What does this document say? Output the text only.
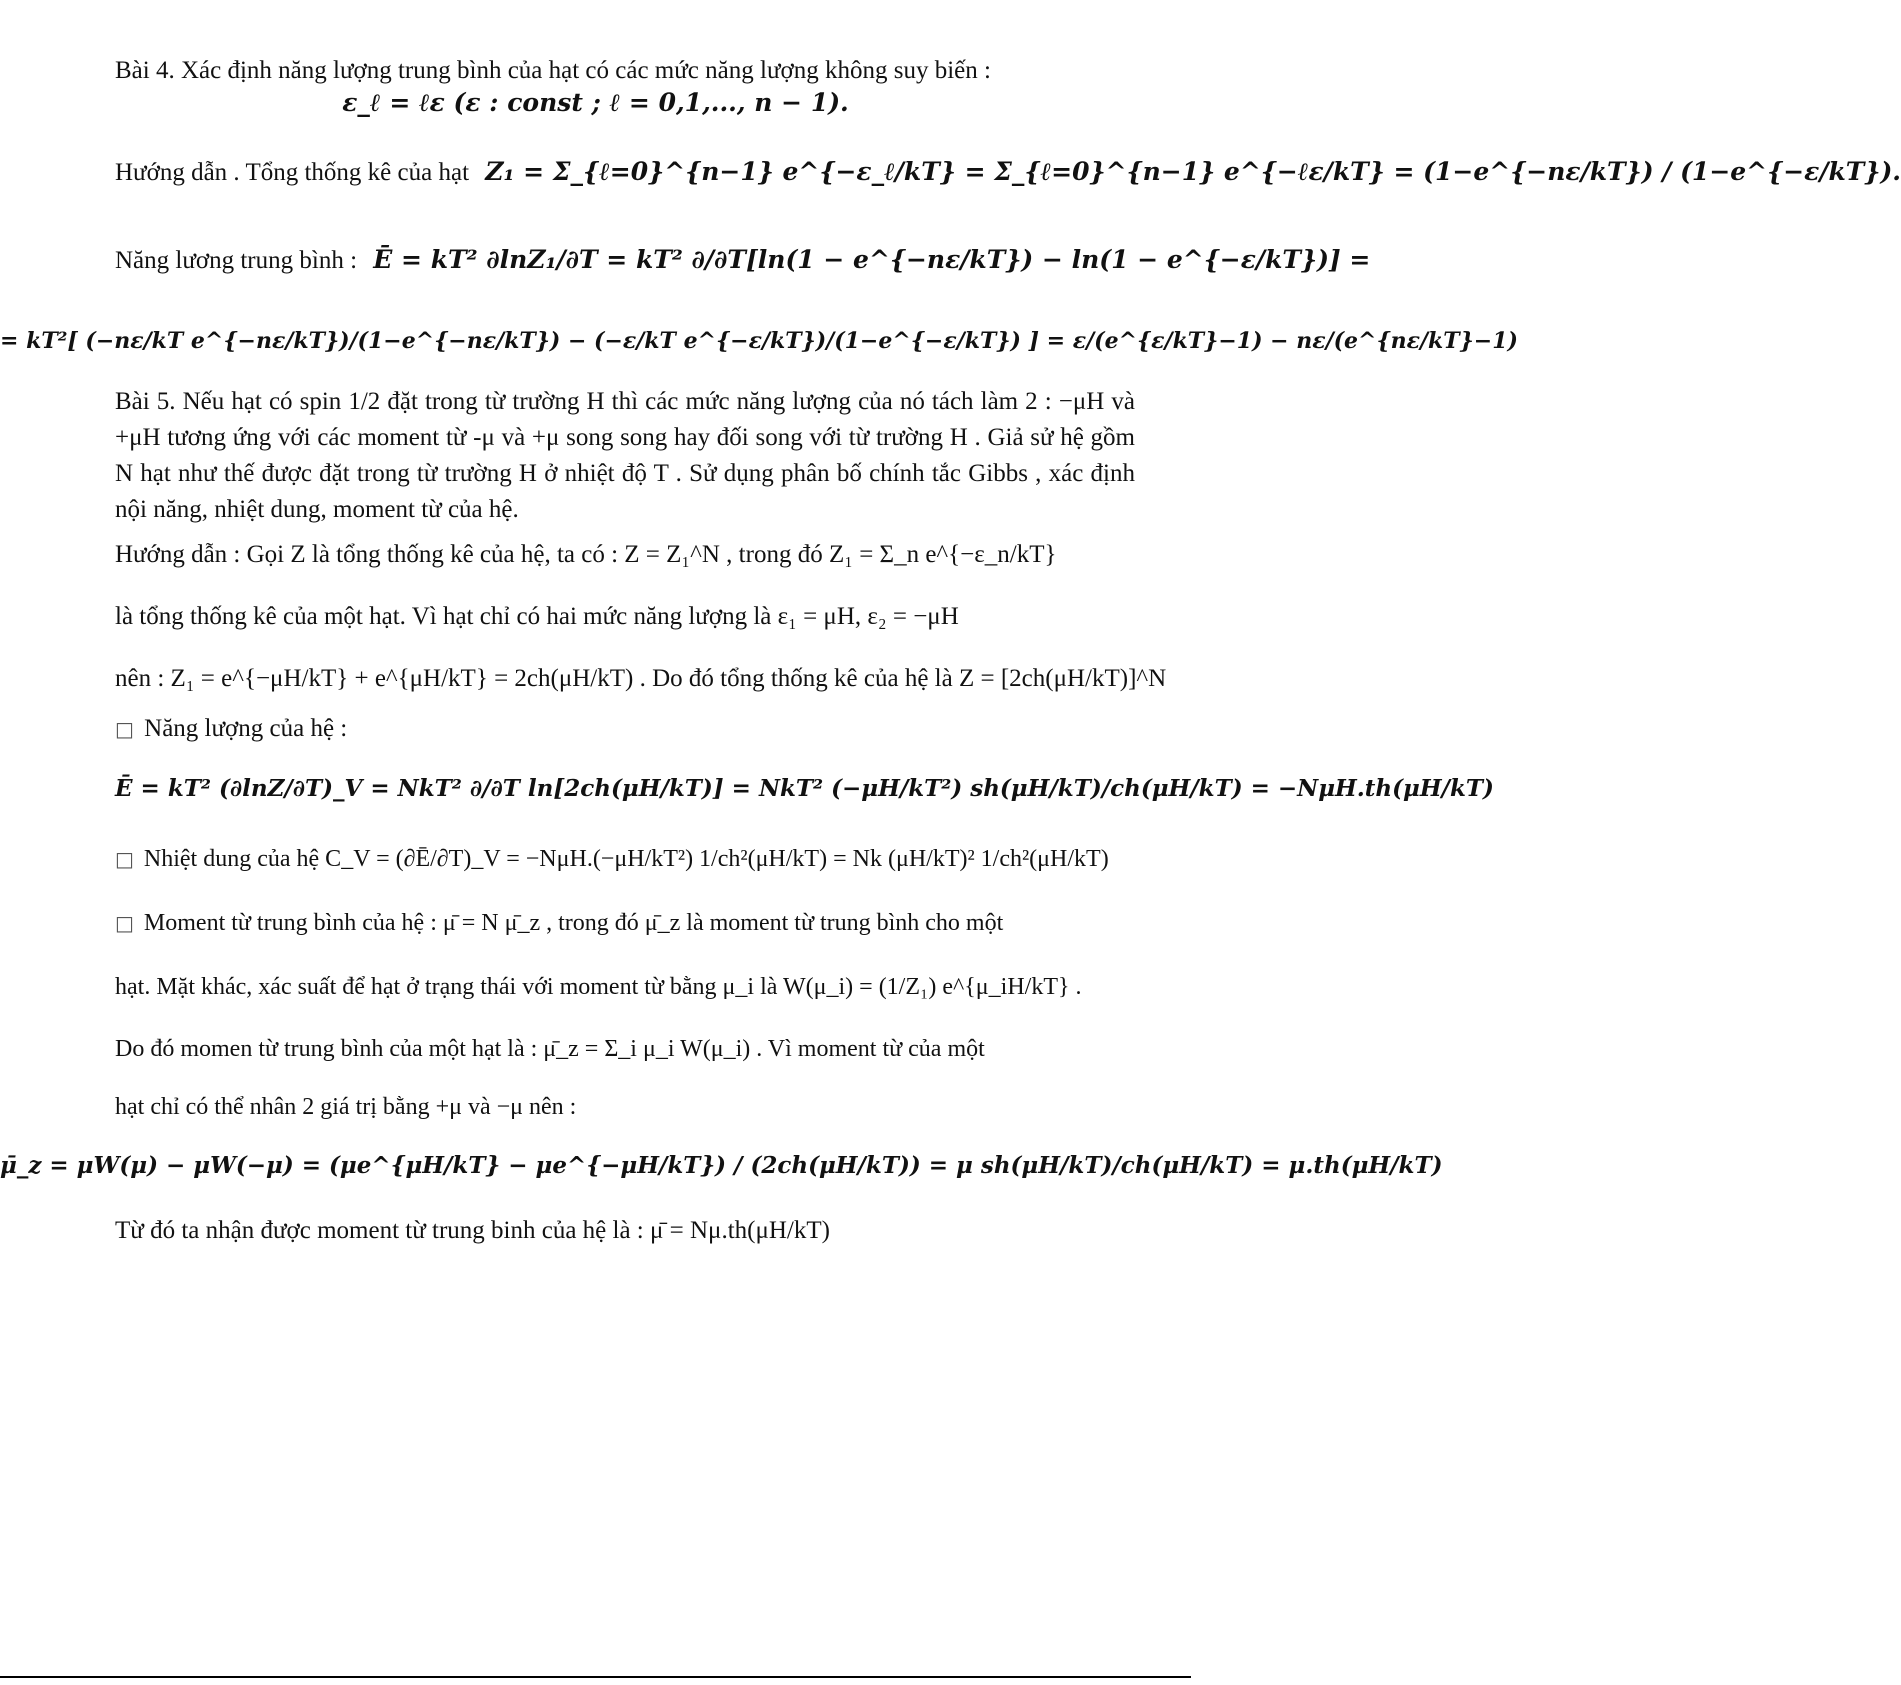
Bài 4. Xác định năng lượng trung bình của hạt có các mức năng lượng không suy biến :
ε_ℓ = ℓε (ε : const ; ℓ = 0,1,..., n − 1).
Hướng dẫn . Tổng thống kê của hạt Z₁ = Σ_{ℓ=0}^{n−1} e^{−ε_ℓ/kT} = Σ_{ℓ=0}^{n−1} e^{−ℓε/kT} = (1−e^{−nε/kT}) / (1−e^{−ε/kT}).
Năng lương trung bình : Ē = kT² ∂lnZ₁/∂T = kT² ∂/∂T[ln(1 − e^{−nε/kT}) − ln(1 − e^{−ε/kT})] =
= kT²[ (−nε/kT e^{−nε/kT})/(1−e^{−nε/kT}) − (−ε/kT e^{−ε/kT})/(1−e^{−ε/kT}) ] = ε/(e^{ε/kT}−1) − nε/(e^{nε/kT}−1)
Bài 5. Nếu hạt có spin 1/2 đặt trong từ trường H thì các mức năng lượng của nó tách làm 2 : −μH và +μH tương ứng với các moment từ -μ và +μ song song hay đối song với từ trường H . Giả sử hệ gồm N hạt như thế được đặt trong từ trường H ở nhiệt độ T . Sử dụng phân bố chính tắc Gibbs , xác định nội năng, nhiệt dung, moment từ của hệ.
Hướng dẫn : Gọi Z là tổng thống kê của hệ, ta có : Z = Z₁^N , trong đó Z₁ = Σ_n e^{−ε_n/kT}
là tổng thống kê của một hạt. Vì hạt chỉ có hai mức năng lượng là ε₁ = μH, ε₂ = −μH
nên : Z₁ = e^{−μH/kT} + e^{μH/kT} = 2ch(μH/kT) . Do đó tổng thống kê của hệ là Z = [2ch(μH/kT)]^N
□ Năng lượng của hệ :
Ē = kT² (∂lnZ/∂T)_V = NkT² ∂/∂T ln[2ch(μH/kT)] = NkT² (−μH/kT²) sh(μH/kT)/ch(μH/kT) = −NμH.th(μH/kT)
□ Nhiệt dung của hệ C_V = (∂Ē/∂T)_V = −NμH.(−μH/kT²) 1/ch²(μH/kT) = Nk (μH/kT)² 1/ch²(μH/kT)
□ Moment từ trung bình của hệ : μ̄ = N μ̄_z , trong đó μ̄_z là moment từ trung bình cho một
hạt. Mặt khác, xác suất để hạt ở trạng thái với moment từ bằng μ_i là W(μ_i) = (1/Z₁) e^{μ_iH/kT} .
Do đó momen từ trung bình của một hạt là : μ̄_z = Σ_i μ_i W(μ_i) . Vì moment từ của một
hạt chỉ có thể nhân 2 giá trị bằng +μ và −μ nên :
μ̄_z = μW(μ) − μW(−μ) = (μe^{μH/kT} − μe^{−μH/kT}) / (2ch(μH/kT)) = μ sh(μH/kT)/ch(μH/kT) = μ.th(μH/kT)
Từ đó ta nhận được moment từ trung binh của hệ là : μ̄ = Nμ.th(μH/kT)
